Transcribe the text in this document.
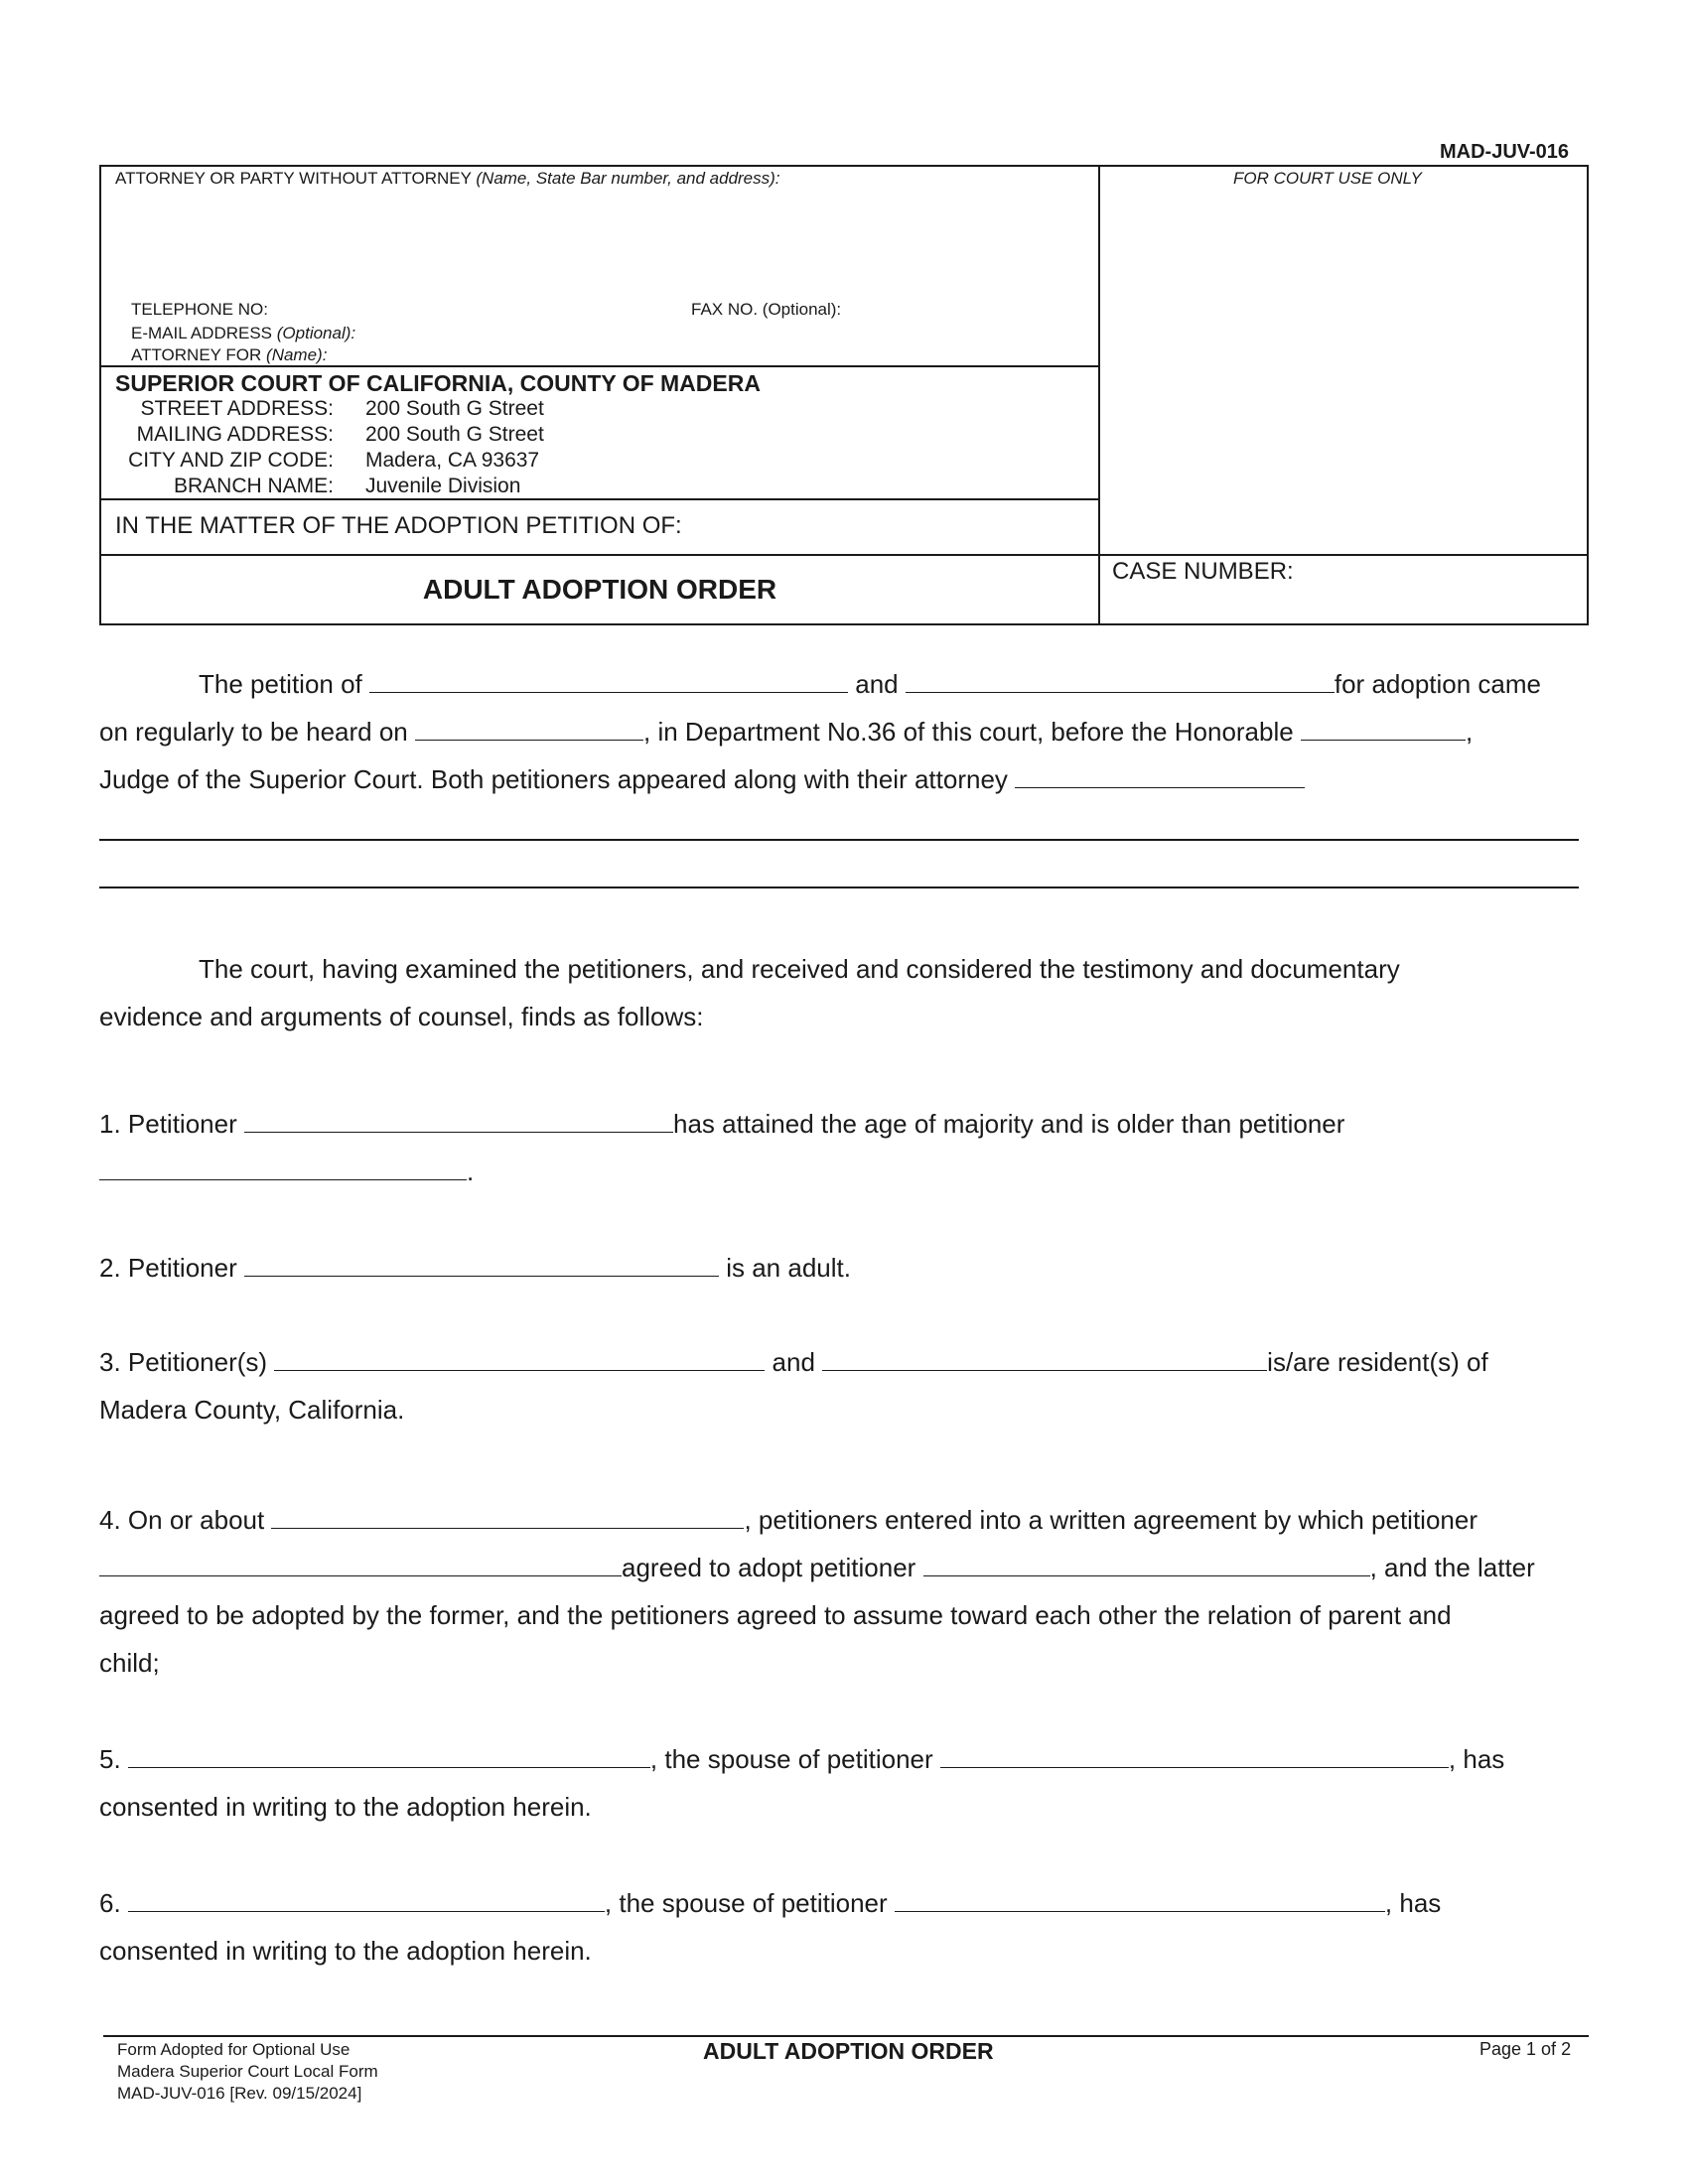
MAD-JUV-016
ATTORNEY OR PARTY WITHOUT ATTORNEY (Name, State Bar number, and address):	FOR COURT USE ONLY
TELEPHONE NO:	FAX NO. (Optional):
E-MAIL ADDRESS (Optional):
ATTORNEY FOR (Name):
SUPERIOR COURT OF CALIFORNIA, COUNTY OF MADERA
STREET ADDRESS: 200 South G Street
MAILING ADDRESS: 200 South G Street
CITY AND ZIP CODE: Madera, CA 93637
BRANCH NAME: Juvenile Division
IN THE MATTER OF THE ADOPTION PETITION OF:
ADULT ADOPTION ORDER
CASE NUMBER:
The petition of	and	for adoption came
on regularly to be heard on	, in Department No.36 of this court, before the Honorable	,
Judge of the Superior Court. Both petitioners appeared along with their attorney
The court, having examined the petitioners, and received and considered the testimony and documentary
evidence and arguments of counsel, finds as follows:
1. Petitioner	has attained the age of majority and is older than petitioner
.
2. Petitioner	is an adult.
3. Petitioner(s)	and	is/are resident(s) of
Madera County, California.
4. On or about	, petitioners entered into a written agreement by which petitioner
agreed to adopt petitioner	, and the latter
agreed to be adopted by the former, and the petitioners agreed to assume toward each other the relation of parent and
child;
5.	, the spouse of petitioner	, has
consented in writing to the adoption herein.
6.	, the spouse of petitioner	, has
consented in writing to the adoption herein.
Form Adopted for Optional Use
Madera Superior Court Local Form
MAD-JUV-016 [Rev. 09/15/2024]
ADULT ADOPTION ORDER	Page 1 of 2
